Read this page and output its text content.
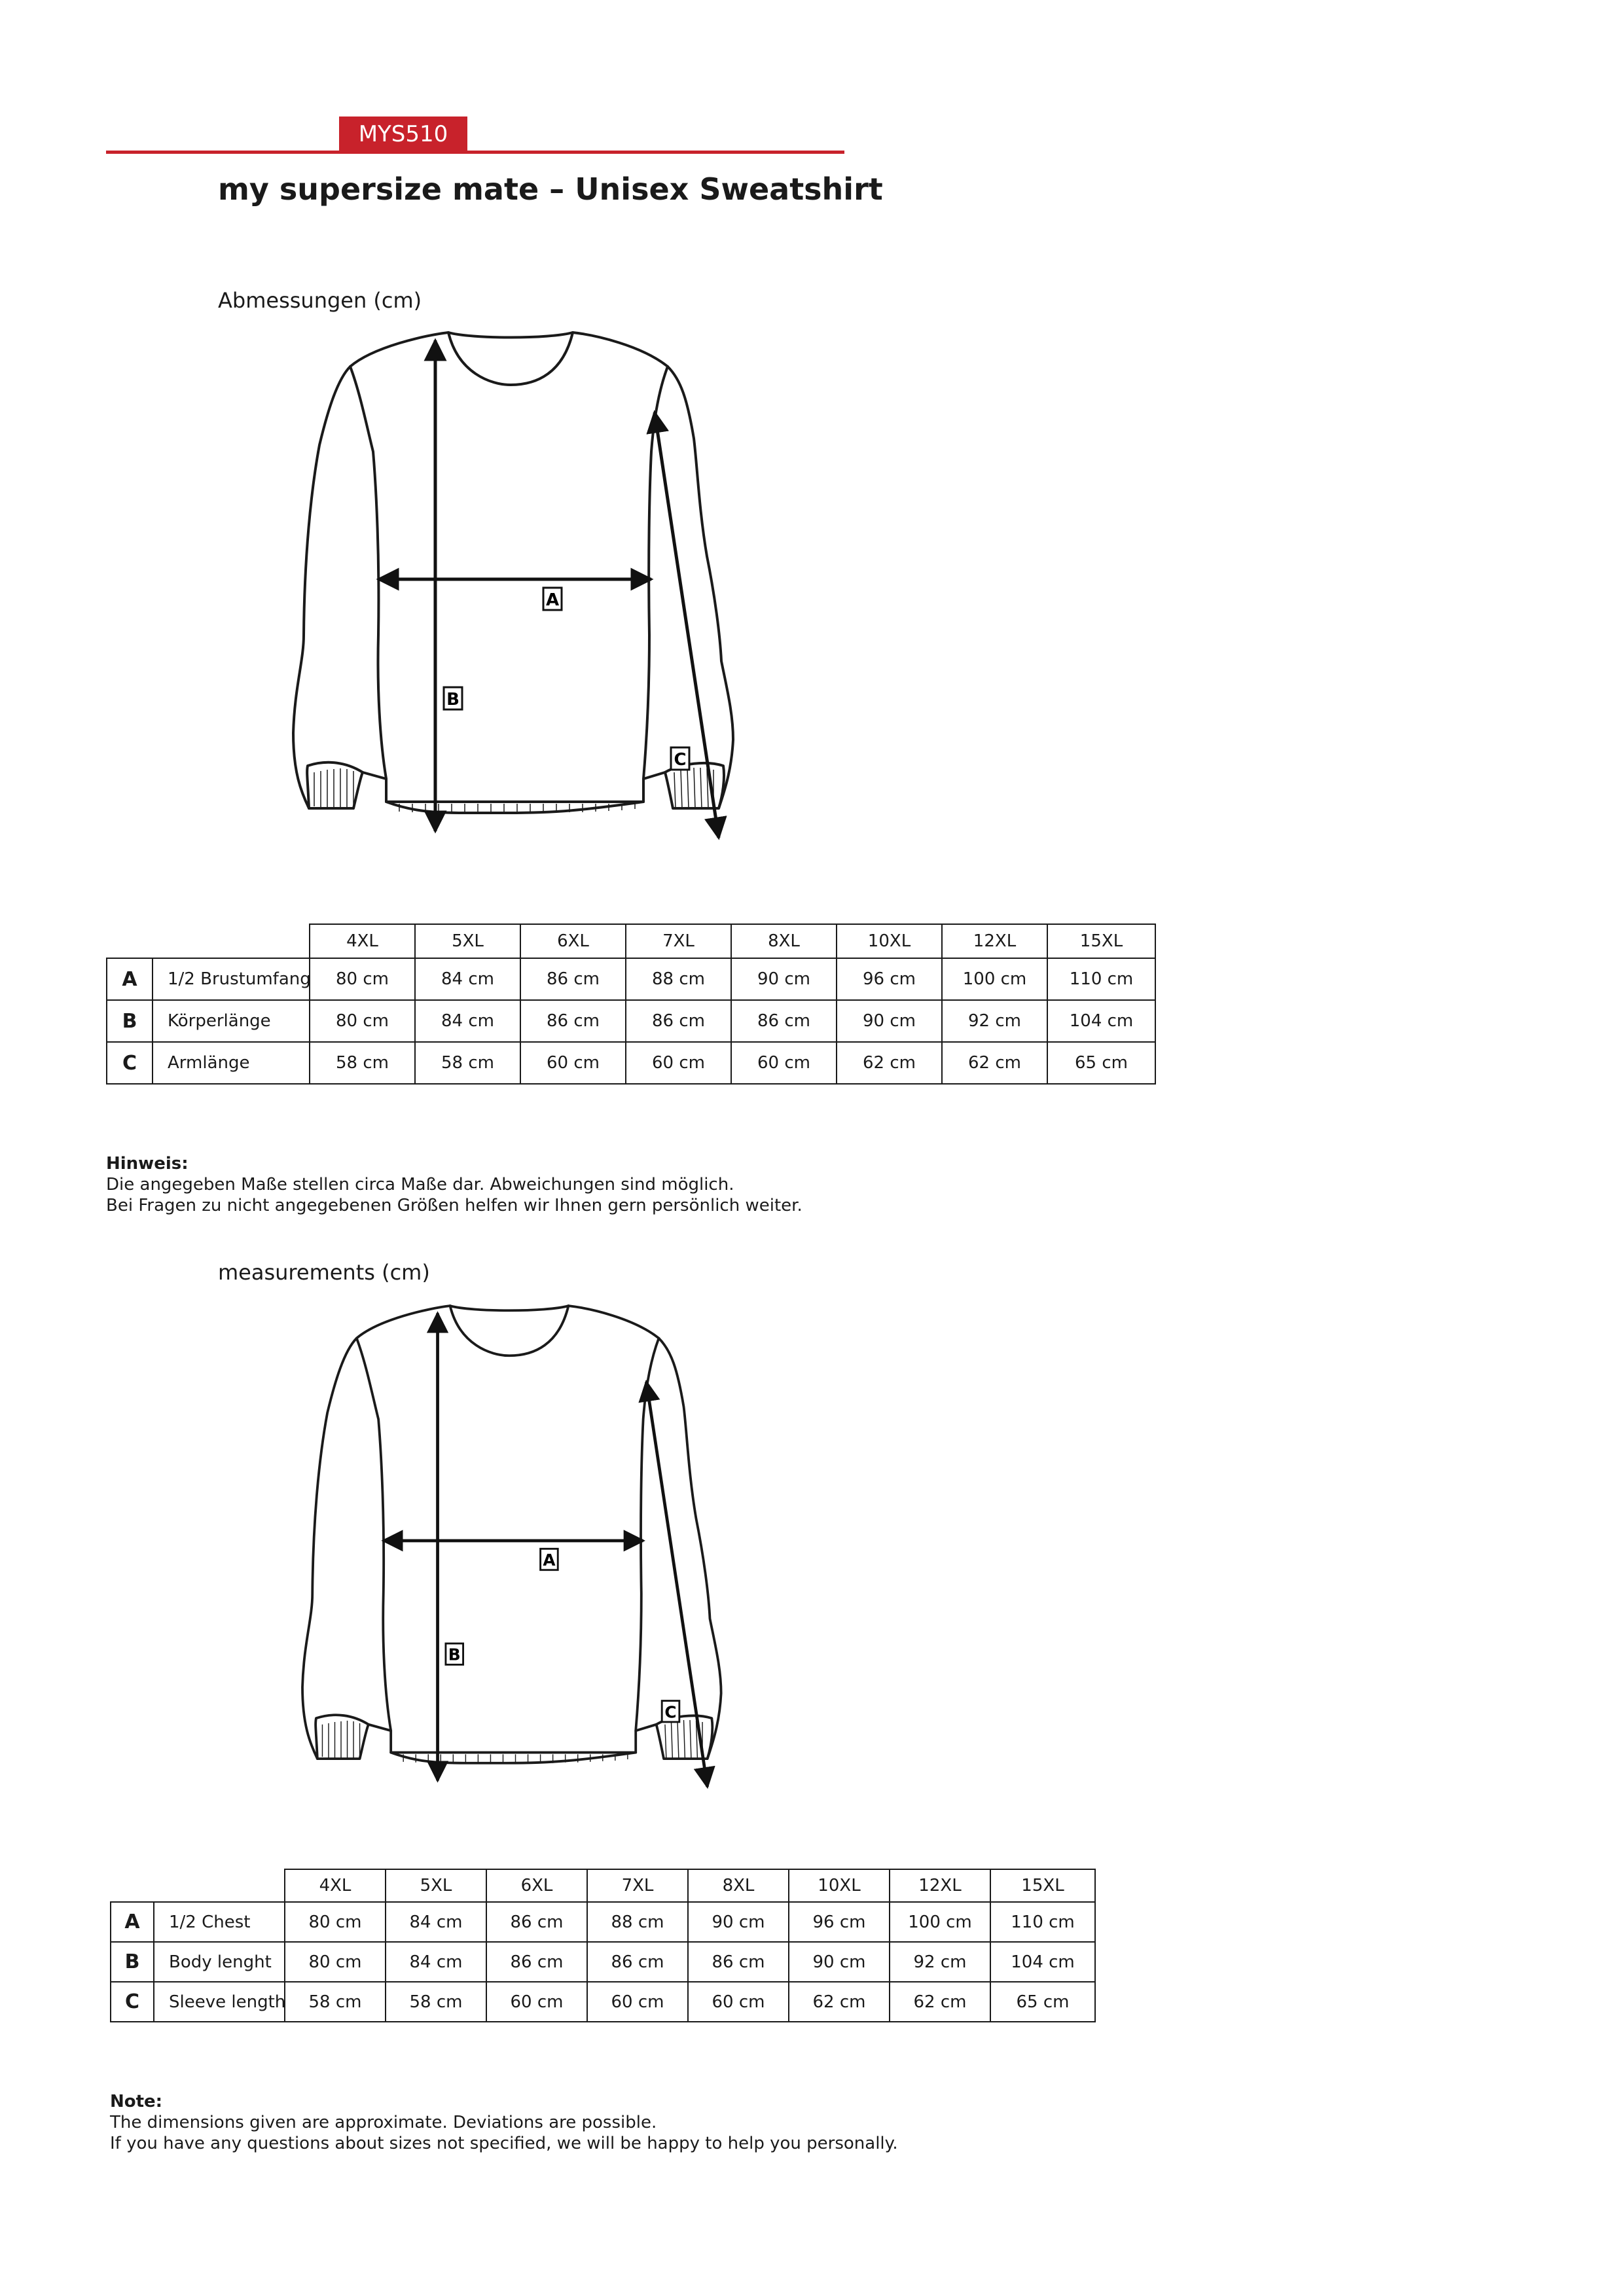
MYS510
my supersize mate – Unisex Sweatshirt
Abmessungen (cm)
A
B
C
		4XL	5XL	6XL	7XL	8XL	10XL	12XL	15XL
A	1/2 Brustumfang	80 cm	84 cm	86 cm	88 cm	90 cm	96 cm	100 cm	110 cm
B	Körperlänge	80 cm	84 cm	86 cm	86 cm	86 cm	90 cm	92 cm	104 cm
C	Armlänge	58 cm	58 cm	60 cm	60 cm	60 cm	62 cm	62 cm	65 cm
Hinweis:
Die angegeben Maße stellen circa Maße dar. Abweichungen sind möglich.
Bei Fragen zu nicht angegebenen Größen helfen wir Ihnen gern persönlich weiter.
measurements (cm)
A
B
C
		4XL	5XL	6XL	7XL	8XL	10XL	12XL	15XL
A	1/2 Chest	80 cm	84 cm	86 cm	88 cm	90 cm	96 cm	100 cm	110 cm
B	Body lenght	80 cm	84 cm	86 cm	86 cm	86 cm	90 cm	92 cm	104 cm
C	Sleeve length	58 cm	58 cm	60 cm	60 cm	60 cm	62 cm	62 cm	65 cm
Note:
The dimensions given are approximate. Deviations are possible.
If you have any questions about sizes not specified, we will be happy to help you personally.
